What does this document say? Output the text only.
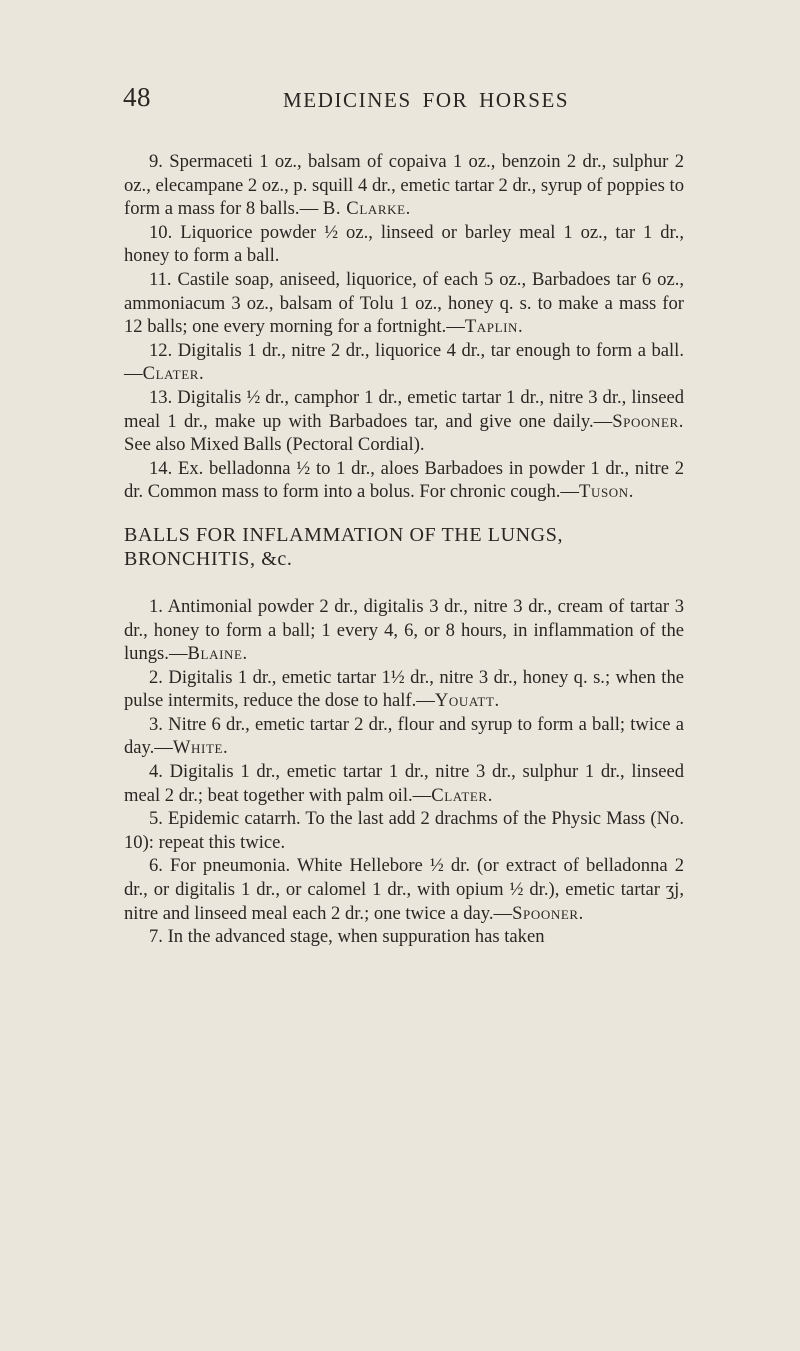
48	MEDICINES FOR HORSES

9. Spermaceti 1 oz., balsam of copaiva 1 oz., benzoin 2 dr., sulphur 2 oz., elecampane 2 oz., p. squill 4 dr., emetic tartar 2 dr., syrup of poppies to form a mass for 8 balls.— B. Clarke.

10. Liquorice powder ½ oz., linseed or barley meal 1 oz., tar 1 dr., honey to form a ball.

11. Castile soap, aniseed, liquorice, of each 5 oz., Barbadoes tar 6 oz., ammoniacum 3 oz., balsam of Tolu 1 oz., honey q. s. to make a mass for 12 balls; one every morning for a fortnight.—Taplin.

12. Digitalis 1 dr., nitre 2 dr., liquorice 4 dr., tar enough to form a ball.—Clater.

13. Digitalis ½ dr., camphor 1 dr., emetic tartar 1 dr., nitre 3 dr., linseed meal 1 dr., make up with Barbadoes tar, and give one daily.—Spooner. See also Mixed Balls (Pectoral Cordial).

14. Ex. belladonna ½ to 1 dr., aloes Barbadoes in powder 1 dr., nitre 2 dr. Common mass to form into a bolus. For chronic cough.—Tuson.

BALLS FOR INFLAMMATION OF THE LUNGS, BRONCHITIS, &c.

1. Antimonial powder 2 dr., digitalis 3 dr., nitre 3 dr., cream of tartar 3 dr., honey to form a ball; 1 every 4, 6, or 8 hours, in inflammation of the lungs.—Blaine.

2. Digitalis 1 dr., emetic tartar 1½ dr., nitre 3 dr., honey q. s.; when the pulse intermits, reduce the dose to half.—Youatt.

3. Nitre 6 dr., emetic tartar 2 dr., flour and syrup to form a ball; twice a day.—White.

4. Digitalis 1 dr., emetic tartar 1 dr., nitre 3 dr., sulphur 1 dr., linseed meal 2 dr.; beat together with palm oil.—Clater.

5. Epidemic catarrh. To the last add 2 drachms of the Physic Mass (No. 10): repeat this twice.

6. For pneumonia. White Hellebore ½ dr. (or extract of belladonna 2 dr., or digitalis 1 dr., or calomel 1 dr., with opium ½ dr.), emetic tartar ʒj, nitre and linseed meal each 2 dr.; one twice a day.—Spooner.

7. In the advanced stage, when suppuration has taken
